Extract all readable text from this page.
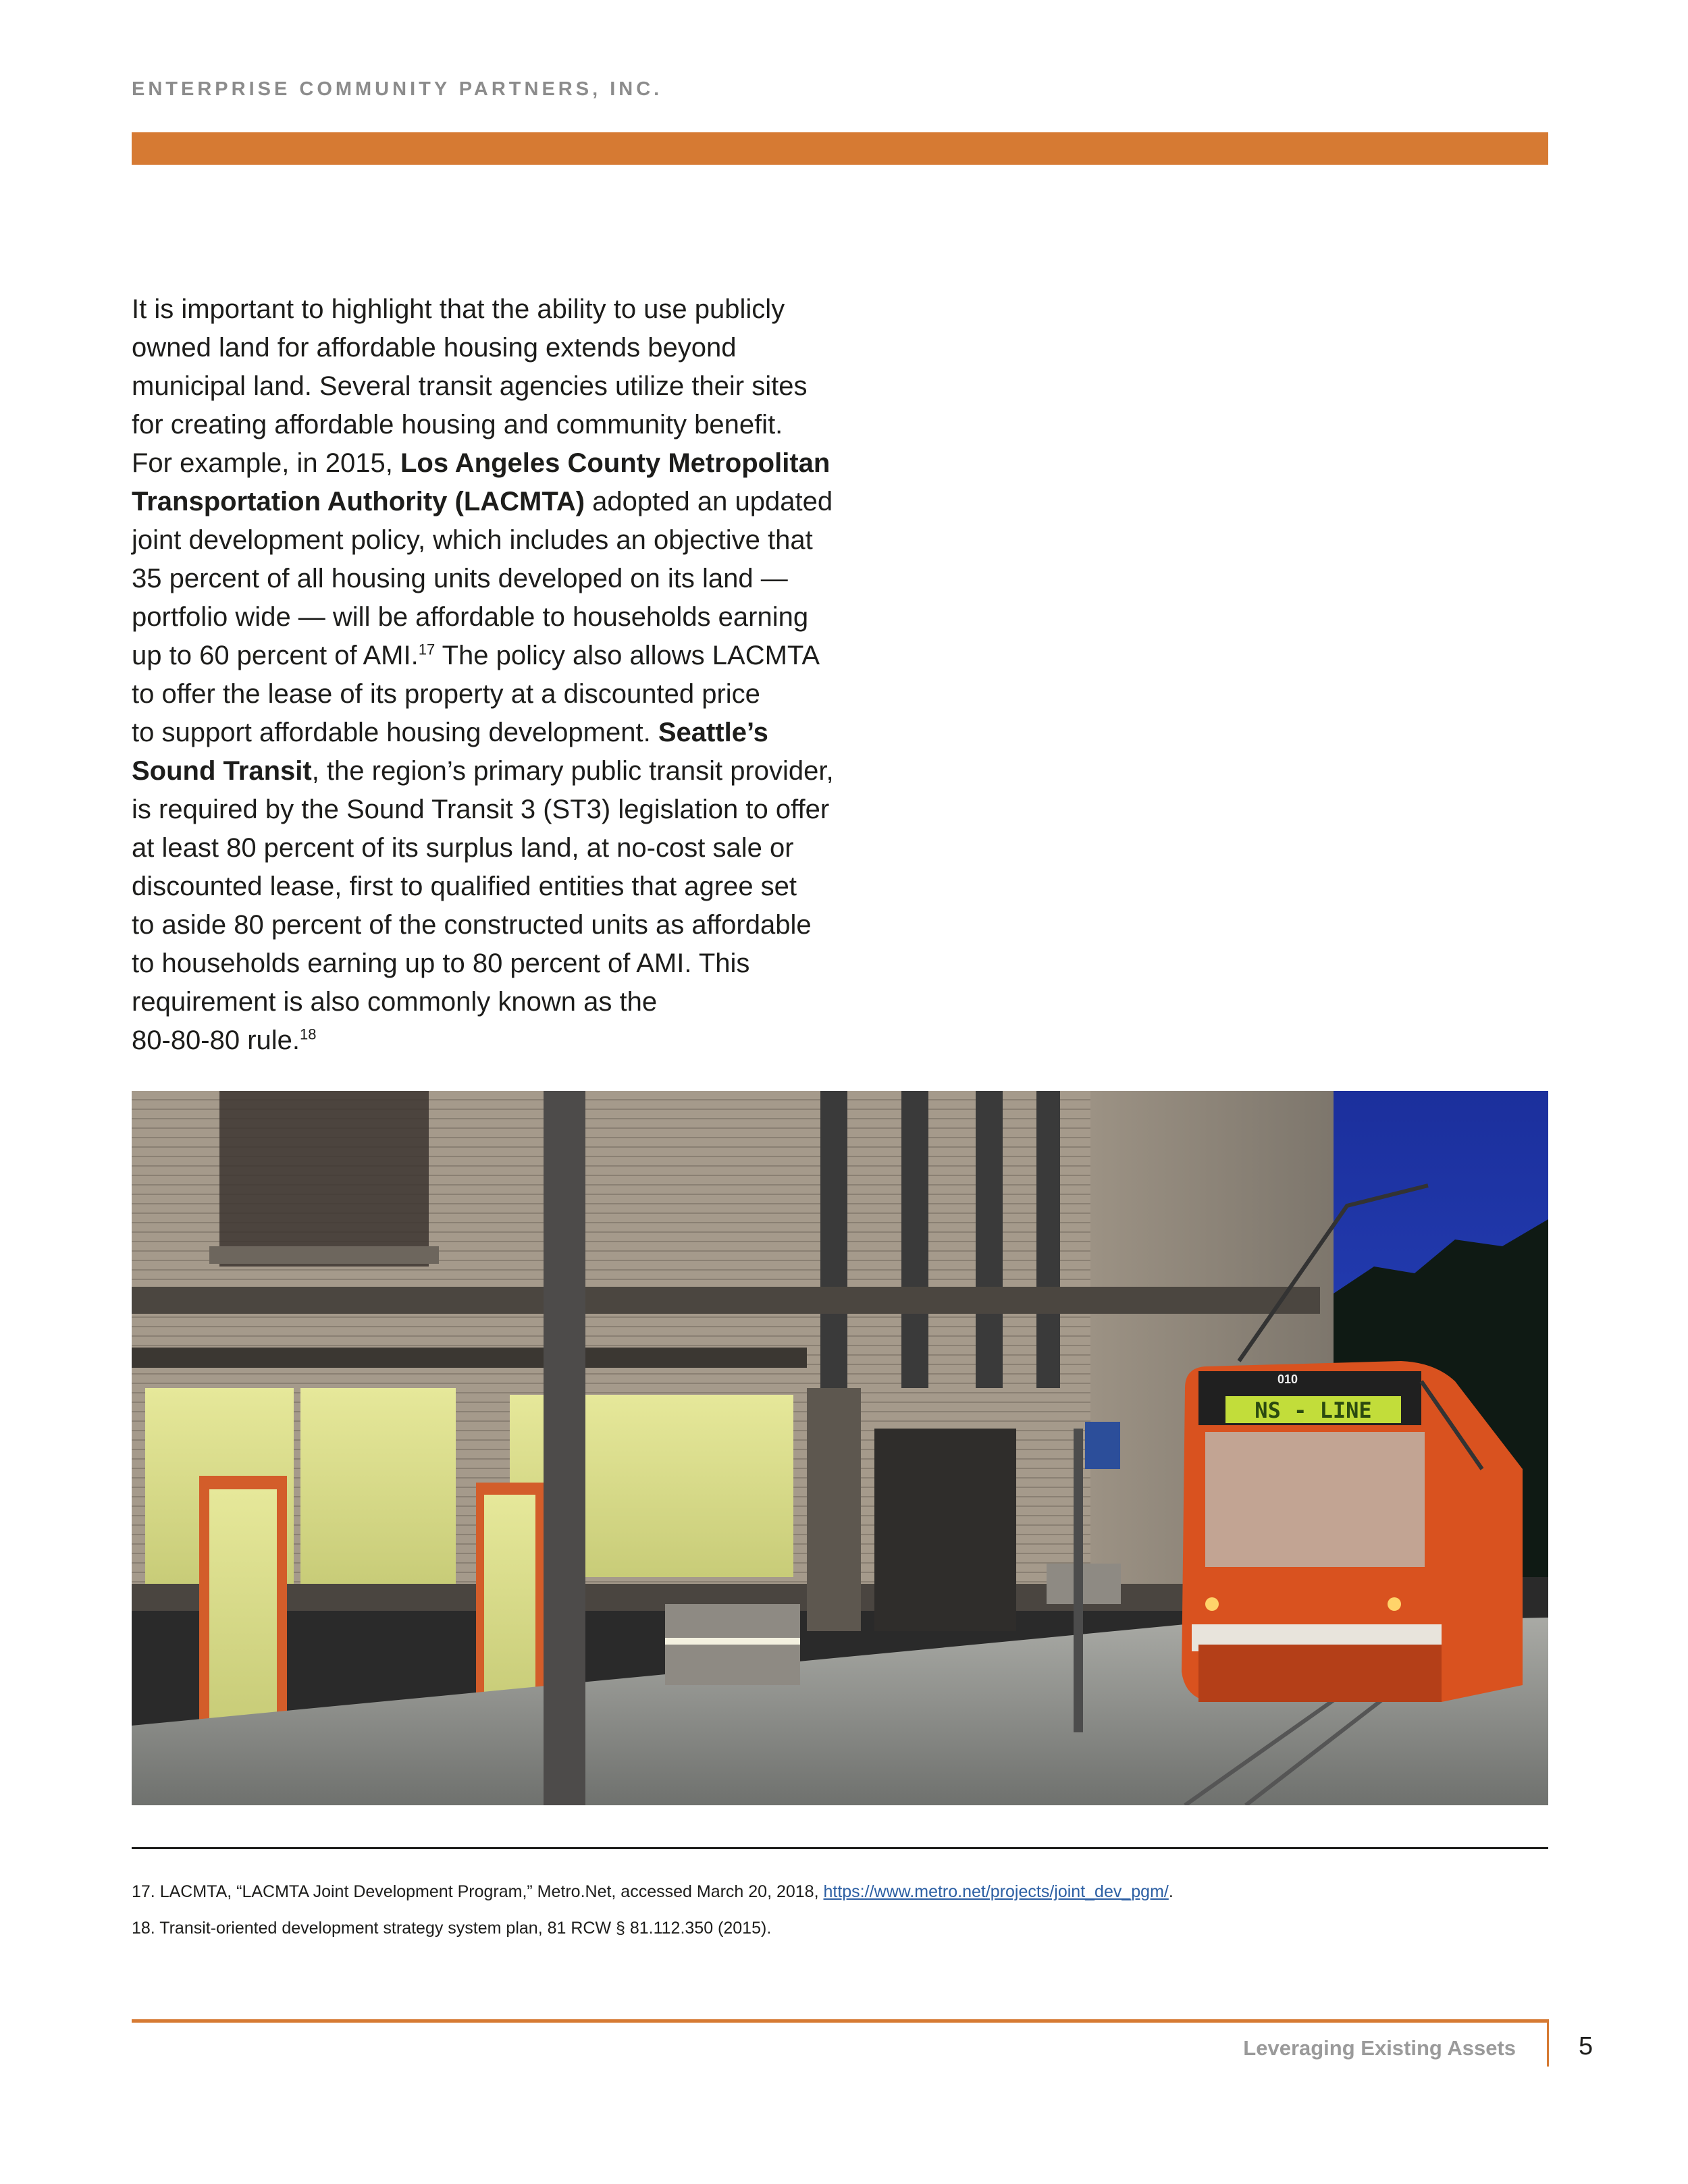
ENTERPRISE COMMUNITY PARTNERS, INC.
It is important to highlight that the ability to use publicly
owned land for affordable housing extends beyond
municipal land. Several transit agencies utilize their sites
for creating affordable housing and community benefit.
For example, in 2015, Los Angeles County Metropolitan
Transportation Authority (LACMTA) adopted an updated
joint development policy, which includes an objective that
35 percent of all housing units developed on its land —
portfolio wide — will be affordable to households earning
up to 60 percent of AMI.$^{17}$ The policy also allows LACMTA
to offer the lease of its property at a discounted price
to support affordable housing development. Seattle’s
Sound Transit, the region’s primary public transit provider,
is required by the Sound Transit 3 (ST3) legislation to offer
at least 80 percent of its surplus land, at no-cost sale or
discounted lease, first to qualified entities that agree set
to aside 80 percent of the constructed units as affordable
to households earning up to 80 percent of AMI. This
requirement is also commonly known as the
80-80-80 rule.$^{18}$
NS - LINE
010
17. LACMTA, “LACMTA Joint Development Program,” Metro.Net, accessed March 20, 2018, https://www.metro.net/projects/joint_dev_pgm/.
18. Transit-oriented development strategy system plan, 81 RCW § 81.112.350 (2015).
Leveraging Existing Assets 5
